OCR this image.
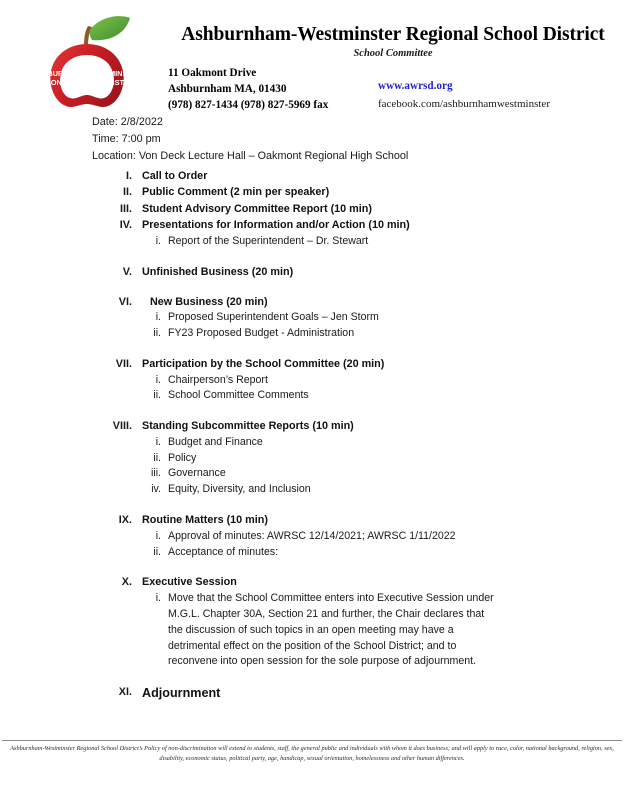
ASHBURNHAM WESTMINSTER
REGIONAL SCHOOL DISTRICT
MASSACHUSETTS
Ashburnham-Westminster Regional School District
School Committee
11 Oakmont Drive
Ashburnham MA, 01430
(978) 827-1434 (978) 827-5969 fax
www.awrsd.org
facebook.com/ashburnhamwestminster
Date: 2/8/2022
Time: 7:00 pm
Location: Von Deck Lecture Hall – Oakmont Regional High School
I. Call to Order
II. Public Comment (2 min per speaker)
III. Student Advisory Committee Report (10 min)
IV. Presentations for Information and/or Action (10 min)
i. Report of the Superintendent – Dr. Stewart
V. Unfinished Business (20 min)
VI.	New Business (20 min)
i. Proposed Superintendent Goals – Jen Storm
ii. FY23 Proposed Budget - Administration
VII. Participation by the School Committee (20 min)
i. Chairperson’s Report
ii. School Committee Comments
VIII. Standing Subcommittee Reports (10 min)
i. Budget and Finance
ii. Policy
iii. Governance
iv. Equity, Diversity, and Inclusion
IX. Routine Matters (10 min)
i. Approval of minutes: AWRSC 12/14/2021; AWRSC 1/11/2022
ii. Acceptance of minutes:
X. Executive Session
i. Move that the School Committee enters into Executive Session under M.G.L. Chapter 30A, Section 21 and further, the Chair declares that the discussion of such topics in an open meeting may have a detrimental effect on the position of the School District; and to reconvene into open session for the sole purpose of adjournment.
XI. Adjournment
Ashburnham-Westminster Regional School District’s Policy of non-discrimination will extend to students, staff, the general public and individuals with whom it does business; and will apply to race, color, national background, religion, sex, disability, economic status, political party, age, handicap, sexual orientation, homelessness and other human differences.
